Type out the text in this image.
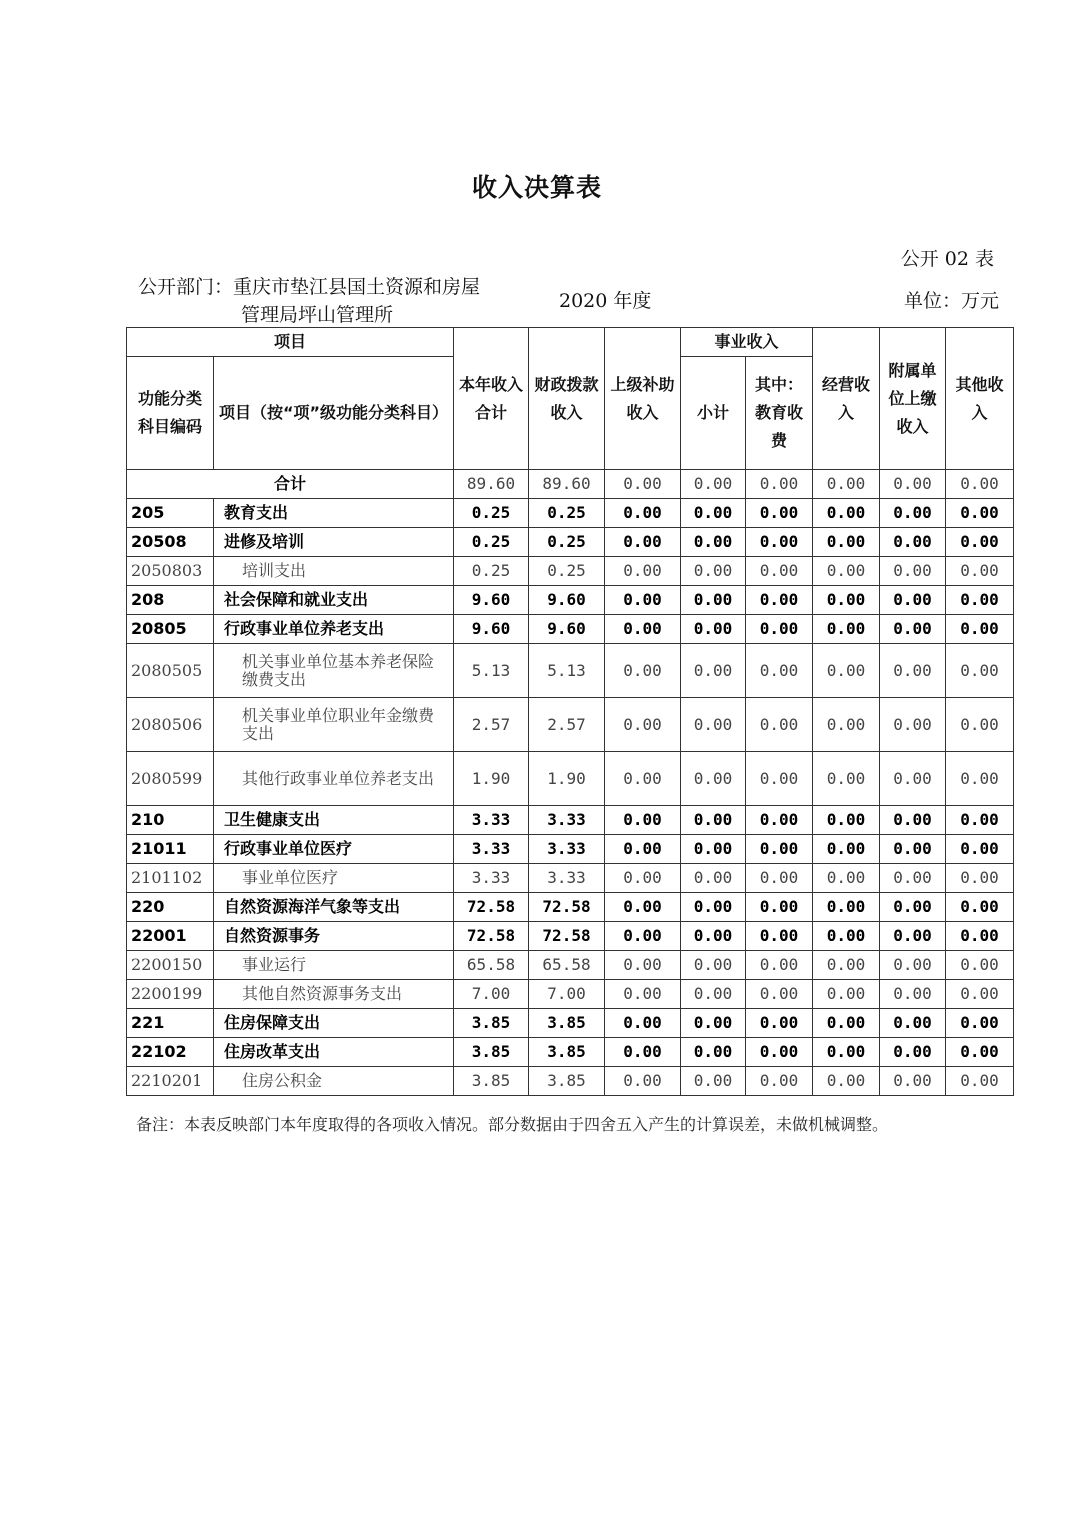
收入决算表
公开 02 表
公开部门：重庆市垫江县国土资源和房屋
管理局坪山管理所
2020 年度	单位：万元
项目		本年收入合计	财政拨款收入	上级补助收入	事业收入		经营收入	附属单位上缴收入	其他收入
功能分类科目编码	项目（按“项”级功能分类科目）				小计	其中：教育收费			

合计		89.60	89.60	0.00	0.00	0.00	0.00	0.00	0.00
205	教育支出	0.25	0.25	0.00	0.00	0.00	0.00	0.00	0.00
20508	进修及培训	0.25	0.25	0.00	0.00	0.00	0.00	0.00	0.00
2050803	培训支出	0.25	0.25	0.00	0.00	0.00	0.00	0.00	0.00
208	社会保障和就业支出	9.60	9.60	0.00	0.00	0.00	0.00	0.00	0.00
20805	行政事业单位养老支出	9.60	9.60	0.00	0.00	0.00	0.00	0.00	0.00
2080505	机关事业单位基本养老保险缴费支出	5.13	5.13	0.00	0.00	0.00	0.00	0.00	0.00
2080506	机关事业单位职业年金缴费支出	2.57	2.57	0.00	0.00	0.00	0.00	0.00	0.00
2080599	其他行政事业单位养老支出	1.90	1.90	0.00	0.00	0.00	0.00	0.00	0.00
210	卫生健康支出	3.33	3.33	0.00	0.00	0.00	0.00	0.00	0.00
21011	行政事业单位医疗	3.33	3.33	0.00	0.00	0.00	0.00	0.00	0.00
2101102	事业单位医疗	3.33	3.33	0.00	0.00	0.00	0.00	0.00	0.00
220	自然资源海洋气象等支出	72.58	72.58	0.00	0.00	0.00	0.00	0.00	0.00
22001	自然资源事务	72.58	72.58	0.00	0.00	0.00	0.00	0.00	0.00
2200150	事业运行	65.58	65.58	0.00	0.00	0.00	0.00	0.00	0.00
2200199	其他自然资源事务支出	7.00	7.00	0.00	0.00	0.00	0.00	0.00	0.00
221	住房保障支出	3.85	3.85	0.00	0.00	0.00	0.00	0.00	0.00
22102	住房改革支出	3.85	3.85	0.00	0.00	0.00	0.00	0.00	0.00
2210201	住房公积金	3.85	3.85	0.00	0.00	0.00	0.00	0.00	0.00
备注：本表反映部门本年度取得的各项收入情况。部分数据由于四舍五入产生的计算误差，未做机械调整。
